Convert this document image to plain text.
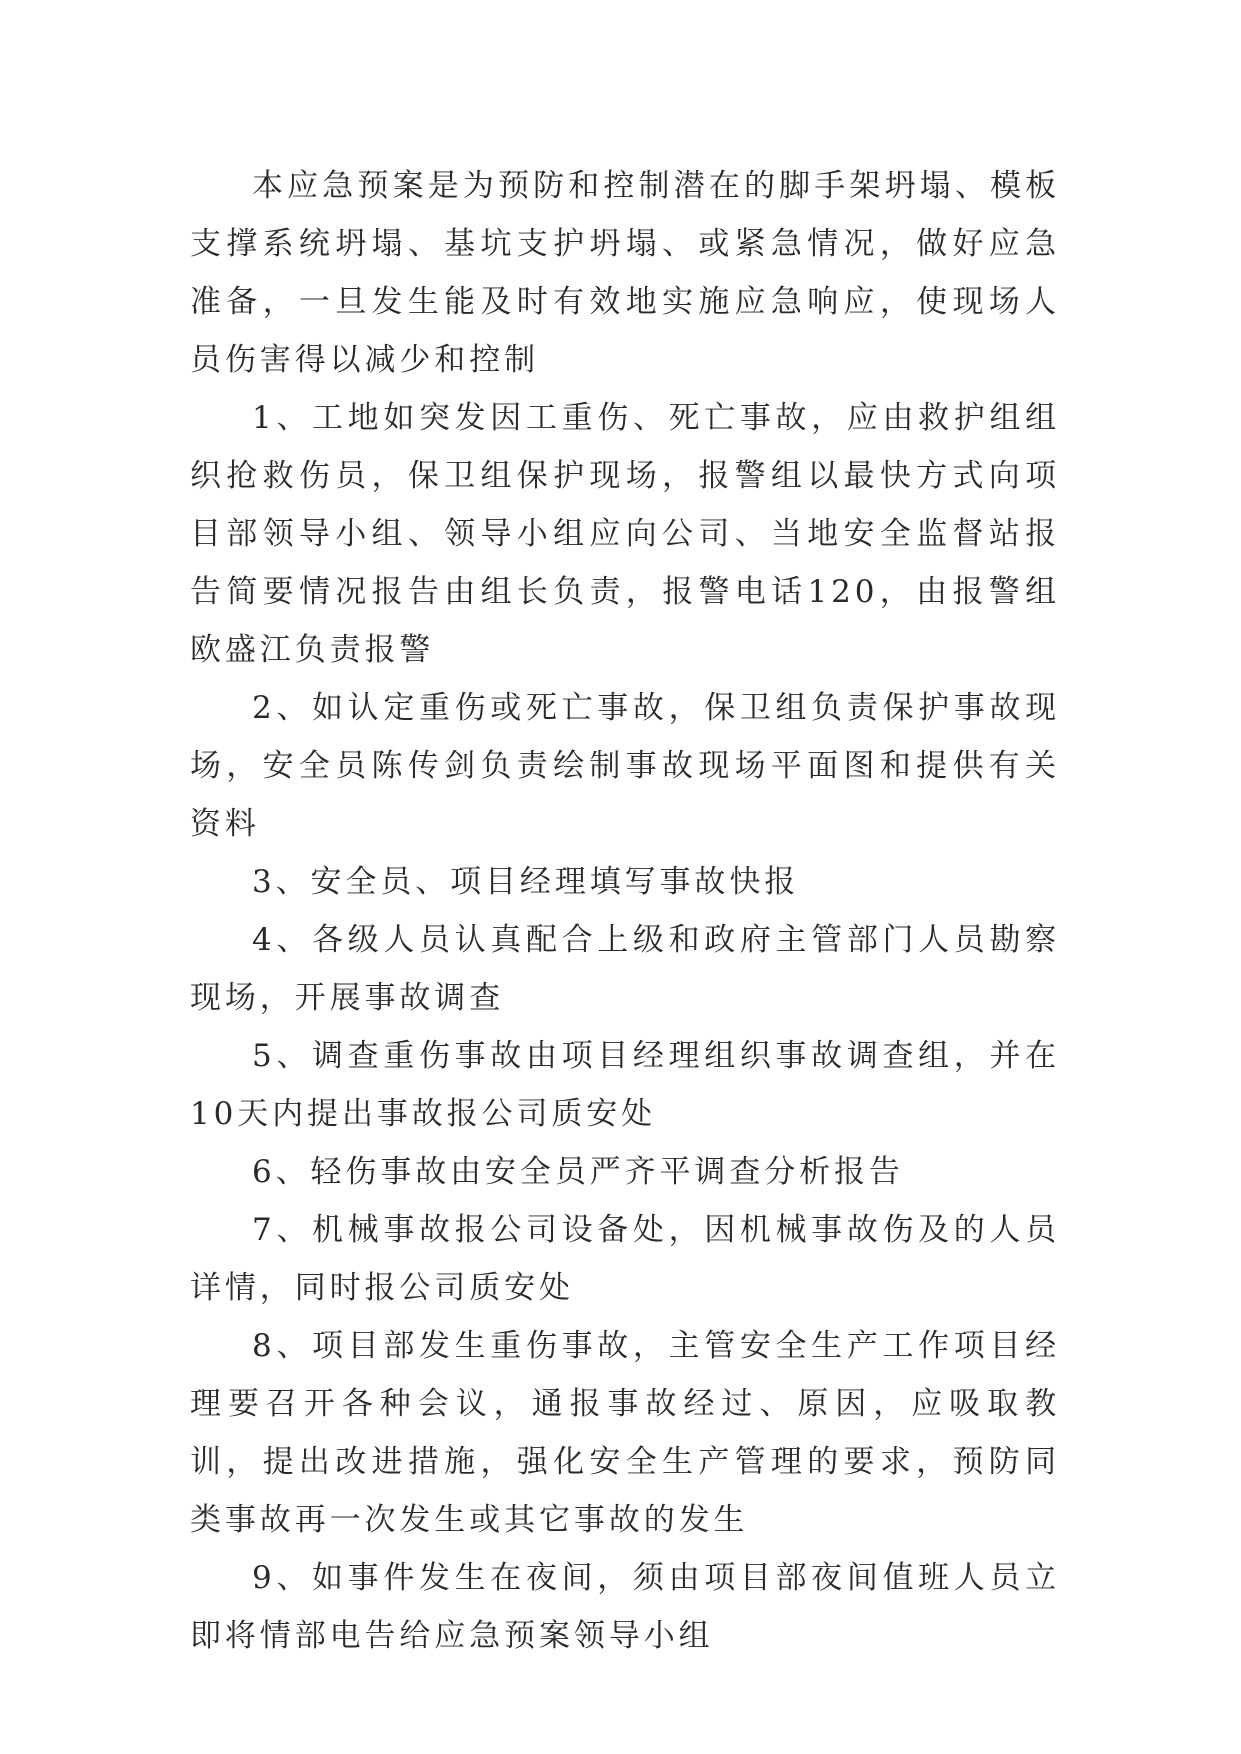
本应急预案是为预防和控制潜在的脚手架坍塌、模板支撑系统坍塌、基坑支护坍塌、或紧急情况，做好应急准备，一旦发生能及时有效地实施应急响应，使现场人员伤害得以减少和控制

1、工地如突发因工重伤、死亡事故，应由救护组组织抢救伤员，保卫组保护现场，报警组以最快方式向项目部领导小组、领导小组应向公司、当地安全监督站报告简要情况报告由组长负责，报警电话120，由报警组欧盛江负责报警

2、如认定重伤或死亡事故，保卫组负责保护事故现场，安全员陈传剑负责绘制事故现场平面图和提供有关资料

3、安全员、项目经理填写事故快报

4、各级人员认真配合上级和政府主管部门人员勘察现场，开展事故调查

5、调查重伤事故由项目经理组织事故调查组，并在10天内提出事故报公司质安处

6、轻伤事故由安全员严齐平调查分析报告

7、机械事故报公司设备处，因机械事故伤及的人员详情，同时报公司质安处

8、项目部发生重伤事故，主管安全生产工作项目经理要召开各种会议，通报事故经过、原因，应吸取教训，提出改进措施，强化安全生产管理的要求，预防同类事故再一次发生或其它事故的发生

9、如事件发生在夜间，须由项目部夜间值班人员立即将情部电告给应急预案领导小组
